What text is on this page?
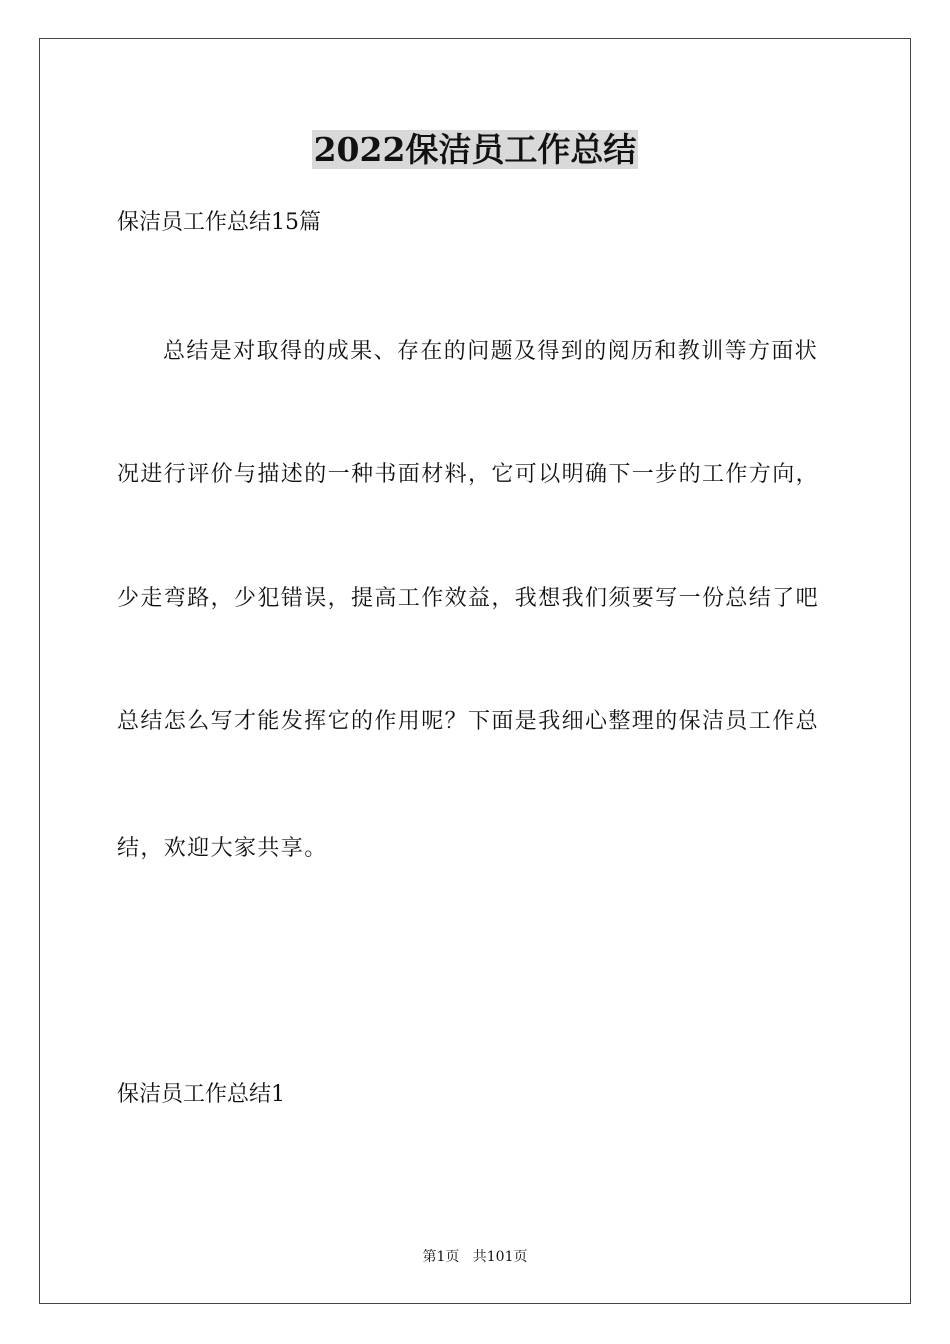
2022保洁员工作总结
保洁员工作总结15篇
总结是对取得的成果、存在的问题及得到的阅历和教训等方面状
况进行评价与描述的一种书面材料，它可以明确下一步的工作方向，
少走弯路，少犯错误，提高工作效益，我想我们须要写一份总结了吧
总结怎么写才能发挥它的作用呢？下面是我细心整理的保洁员工作总
结，欢迎大家共享。
保洁员工作总结1
第1页   共101页
